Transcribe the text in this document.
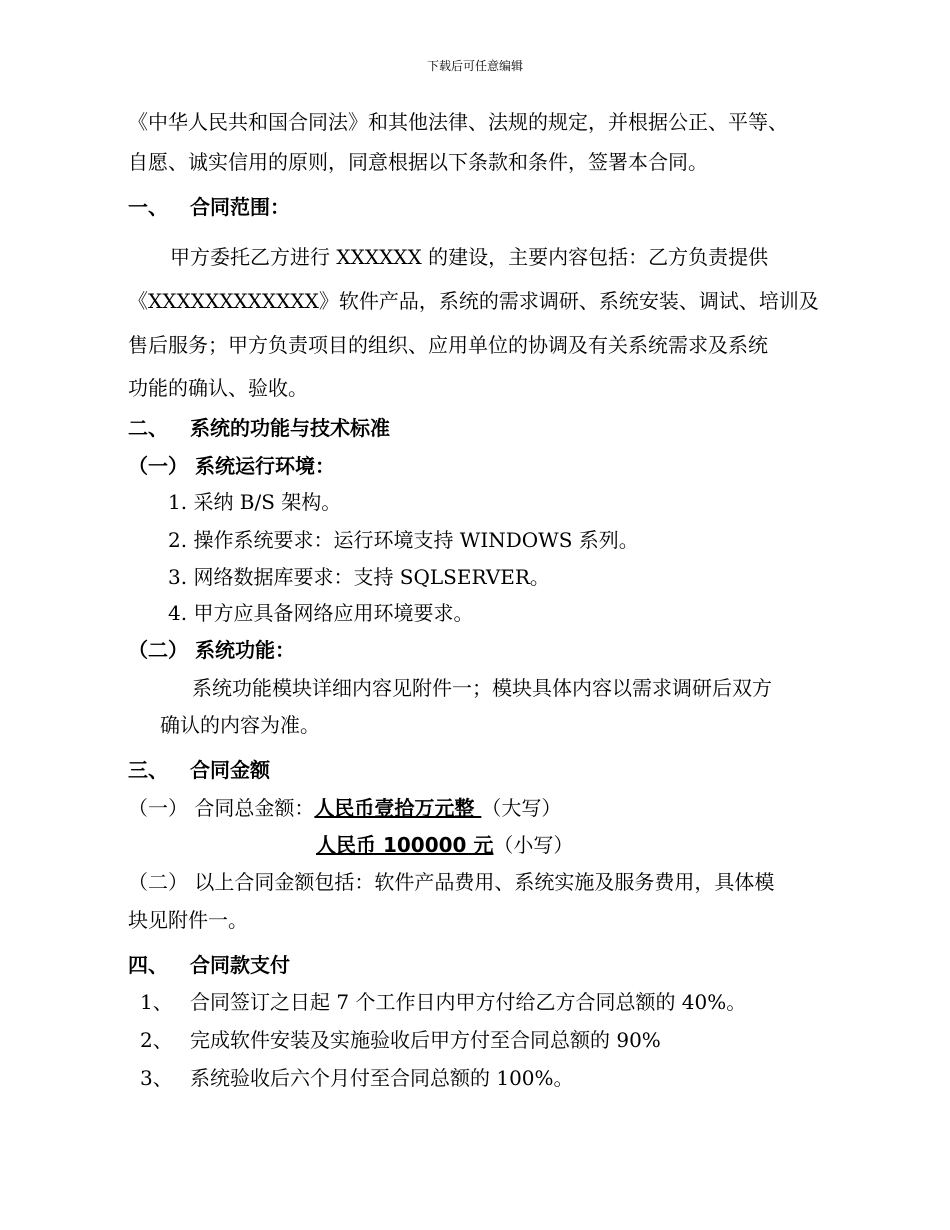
下载后可任意编辑
《中华人民共和国合同法》和其他法律、法规的规定，并根据公正、平等、
自愿、诚实信用的原则，同意根据以下条款和条件，签署本合同。
一、 合同范围：
甲方委托乙方进行 XXXXXX 的建设，主要内容包括：乙方负责提供
《XXXXXXXXXXXX》软件产品，系统的需求调研、系统安装、调试、培训及
售后服务；甲方负责项目的组织、应用单位的协调及有关系统需求及系统
功能的确认、验收。
二、 系统的功能与技术标准
（一） 系统运行环境：
1. 采纳 B/S 架构。
2. 操作系统要求：运行环境支持 WINDOWS 系列。
3. 网络数据库要求：支持 SQLSERVER。
4. 甲方应具备网络应用环境要求。
（二） 系统功能：
系统功能模块详细内容见附件一；模块具体内容以需求调研后双方
确认的内容为准。
三、 合同金额
（一） 合同总金额：人民币壹拾万元整 （大写）
人民币 100000 元（小写）
（二） 以上合同金额包括：软件产品费用、系统实施及服务费用，具体模
块见附件一。
四、 合同款支付
1、 合同签订之日起 7 个工作日内甲方付给乙方合同总额的 40%。
2、 完成软件安装及实施验收后甲方付至合同总额的 90%
3、 系统验收后六个月付至合同总额的 100%。
